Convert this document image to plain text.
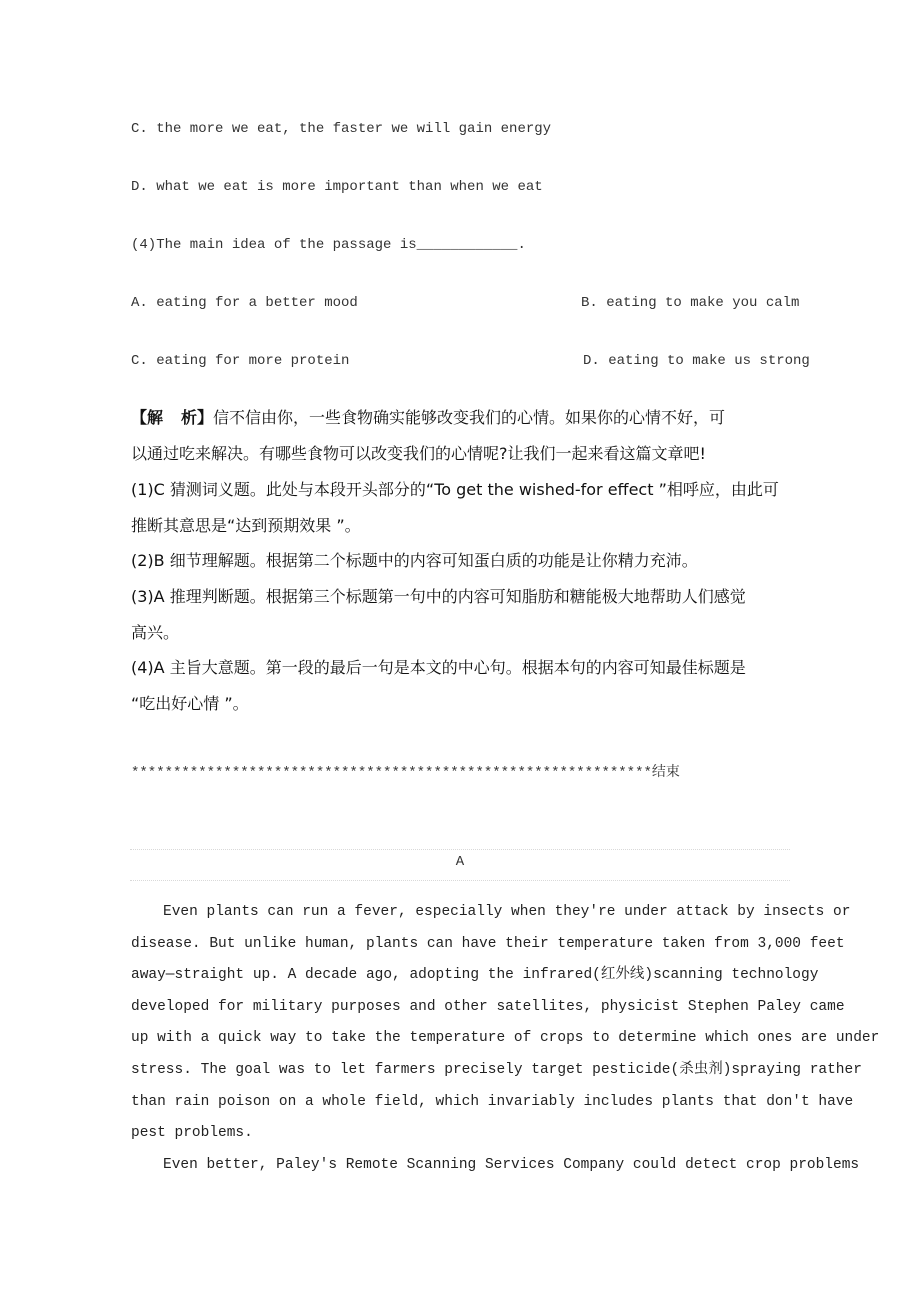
C. the more we eat, the faster we will gain energy
D. what we eat is more important than when we eat
(4)The main idea of the passage is____________.
A. eating for a better mood	B. eating to make you calm
C. eating for more protein	D. eating to make us strong
【解 析】信不信由你，一些食物确实能够改变我们的心情。如果你的心情不好，可
以通过吃来解决。有哪些食物可以改变我们的心情呢?让我们一起来看这篇文章吧!
(1)C 猜测词义题。此处与本段开头部分的“To get the wished-for effect ”相呼应，由此可
推断其意思是“达到预期效果 ”。
(2)B 细节理解题。根据第二个标题中的内容可知蛋白质的功能是让你精力充沛。
(3)A 推理判断题。根据第三个标题第一句中的内容可知脂肪和糖能极大地帮助人们感觉
高兴。
(4)A 主旨大意题。第一段的最后一句是本文的中心句。根据本句的内容可知最佳标题是
“吃出好心情 ”。
**************************************************************结束
A
Even plants can run a fever, especially when they're under attack by insects or
disease. But unlike human, plants can have their temperature taken from 3,000 feet
away—straight up. A decade ago, adopting the infrared(红外线)scanning technology
developed for military purposes and other satellites, physicist Stephen Paley came
up with a quick way to take the temperature of crops to determine which ones are under
stress. The goal was to let farmers precisely target pesticide(杀虫剂)spraying rather
than rain poison on a whole field, which invariably includes plants that don't have
pest problems.
Even better, Paley's Remote Scanning Services Company could detect crop problems
